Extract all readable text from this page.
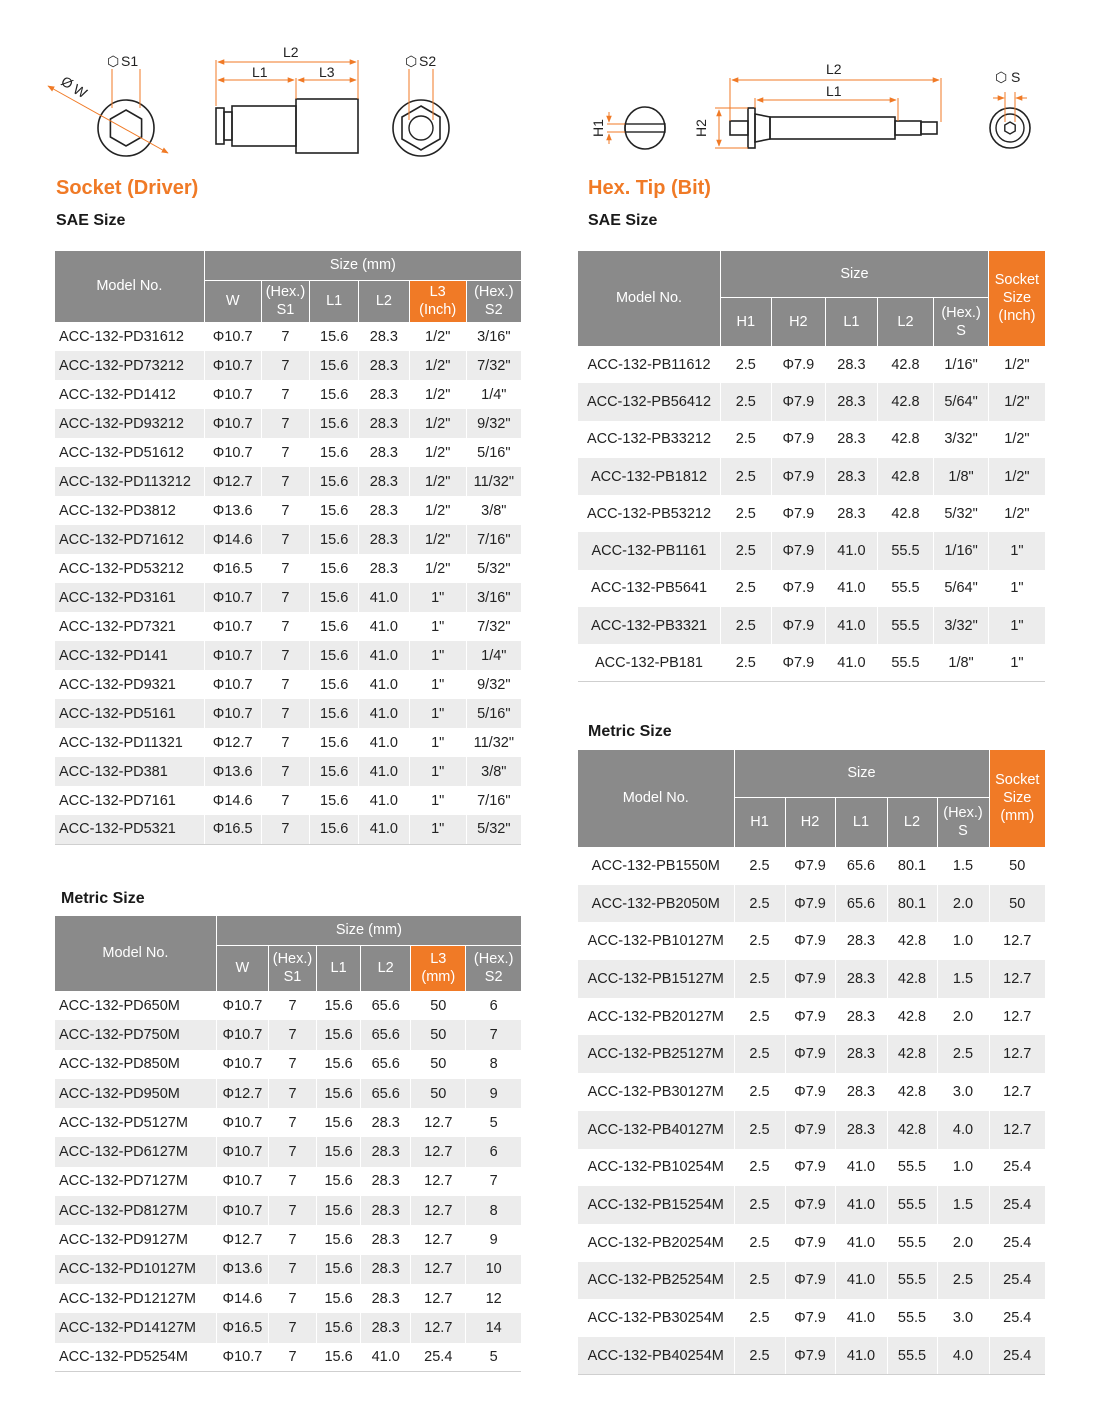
⬡ S1
Ø
W
L2
L1	L3
⬡ S2
H1	H2
L2
L1
⬡ S
Socket (Driver)
SAE Size
Metric Size
Hex. Tip (Bit)
SAE Size
Metric Size
Model No.	Size (mm)					
	W	(Hex.)
S1	L1	L2	L3
(Inch)	(Hex.)
S2
ACC-132-PD31612	Φ10.7	7	15.6	28.3	1/2"	3/16"
ACC-132-PD73212	Φ10.7	7	15.6	28.3	1/2"	7/32"
ACC-132-PD1412	Φ10.7	7	15.6	28.3	1/2"	1/4"
ACC-132-PD93212	Φ10.7	7	15.6	28.3	1/2"	9/32"
ACC-132-PD51612	Φ10.7	7	15.6	28.3	1/2"	5/16"
ACC-132-PD113212	Φ12.7	7	15.6	28.3	1/2"	11/32"
ACC-132-PD3812	Φ13.6	7	15.6	28.3	1/2"	3/8"
ACC-132-PD71612	Φ14.6	7	15.6	28.3	1/2"	7/16"
ACC-132-PD53212	Φ16.5	7	15.6	28.3	1/2"	5/32"
ACC-132-PD3161	Φ10.7	7	15.6	41.0	1"	3/16"
ACC-132-PD7321	Φ10.7	7	15.6	41.0	1"	7/32"
ACC-132-PD141	Φ10.7	7	15.6	41.0	1"	1/4"
ACC-132-PD9321	Φ10.7	7	15.6	41.0	1"	9/32"
ACC-132-PD5161	Φ10.7	7	15.6	41.0	1"	5/16"
ACC-132-PD11321	Φ12.7	7	15.6	41.0	1"	11/32"
ACC-132-PD381	Φ13.6	7	15.6	41.0	1"	3/8"
ACC-132-PD7161	Φ14.6	7	15.6	41.0	1"	7/16"
ACC-132-PD5321	Φ16.5	7	15.6	41.0	1"	5/32"
Model No.	Size (mm)					
	W	(Hex.)
S1	L1	L2	L3
(mm)	(Hex.)
S2
ACC-132-PD650M	Φ10.7	7	15.6	65.6	50	6
ACC-132-PD750M	Φ10.7	7	15.6	65.6	50	7
ACC-132-PD850M	Φ10.7	7	15.6	65.6	50	8
ACC-132-PD950M	Φ12.7	7	15.6	65.6	50	9
ACC-132-PD5127M	Φ10.7	7	15.6	28.3	12.7	5
ACC-132-PD6127M	Φ10.7	7	15.6	28.3	12.7	6
ACC-132-PD7127M	Φ10.7	7	15.6	28.3	12.7	7
ACC-132-PD8127M	Φ10.7	7	15.6	28.3	12.7	8
ACC-132-PD9127M	Φ12.7	7	15.6	28.3	12.7	9
ACC-132-PD10127M	Φ13.6	7	15.6	28.3	12.7	10
ACC-132-PD12127M	Φ14.6	7	15.6	28.3	12.7	12
ACC-132-PD14127M	Φ16.5	7	15.6	28.3	12.7	14
ACC-132-PD5254M	Φ10.7	7	15.6	41.0	25.4	5
Model No.	Size					Socket
Size
(Inch)
	H1	H2	L1	L2	(Hex.)
S	
ACC-132-PB11612	2.5	Φ7.9	28.3	42.8	1/16"	1/2"
ACC-132-PB56412	2.5	Φ7.9	28.3	42.8	5/64"	1/2"
ACC-132-PB33212	2.5	Φ7.9	28.3	42.8	3/32"	1/2"
ACC-132-PB1812	2.5	Φ7.9	28.3	42.8	1/8"	1/2"
ACC-132-PB53212	2.5	Φ7.9	28.3	42.8	5/32"	1/2"
ACC-132-PB1161	2.5	Φ7.9	41.0	55.5	1/16"	1"
ACC-132-PB5641	2.5	Φ7.9	41.0	55.5	5/64"	1"
ACC-132-PB3321	2.5	Φ7.9	41.0	55.5	3/32"	1"
ACC-132-PB181	2.5	Φ7.9	41.0	55.5	1/8"	1"
Model No.	Size					Socket
Size
(mm)
	H1	H2	L1	L2	(Hex.)
S	
ACC-132-PB1550M	2.5	Φ7.9	65.6	80.1	1.5	50
ACC-132-PB2050M	2.5	Φ7.9	65.6	80.1	2.0	50
ACC-132-PB10127M	2.5	Φ7.9	28.3	42.8	1.0	12.7
ACC-132-PB15127M	2.5	Φ7.9	28.3	42.8	1.5	12.7
ACC-132-PB20127M	2.5	Φ7.9	28.3	42.8	2.0	12.7
ACC-132-PB25127M	2.5	Φ7.9	28.3	42.8	2.5	12.7
ACC-132-PB30127M	2.5	Φ7.9	28.3	42.8	3.0	12.7
ACC-132-PB40127M	2.5	Φ7.9	28.3	42.8	4.0	12.7
ACC-132-PB10254M	2.5	Φ7.9	41.0	55.5	1.0	25.4
ACC-132-PB15254M	2.5	Φ7.9	41.0	55.5	1.5	25.4
ACC-132-PB20254M	2.5	Φ7.9	41.0	55.5	2.0	25.4
ACC-132-PB25254M	2.5	Φ7.9	41.0	55.5	2.5	25.4
ACC-132-PB30254M	2.5	Φ7.9	41.0	55.5	3.0	25.4
ACC-132-PB40254M	2.5	Φ7.9	41.0	55.5	4.0	25.4
